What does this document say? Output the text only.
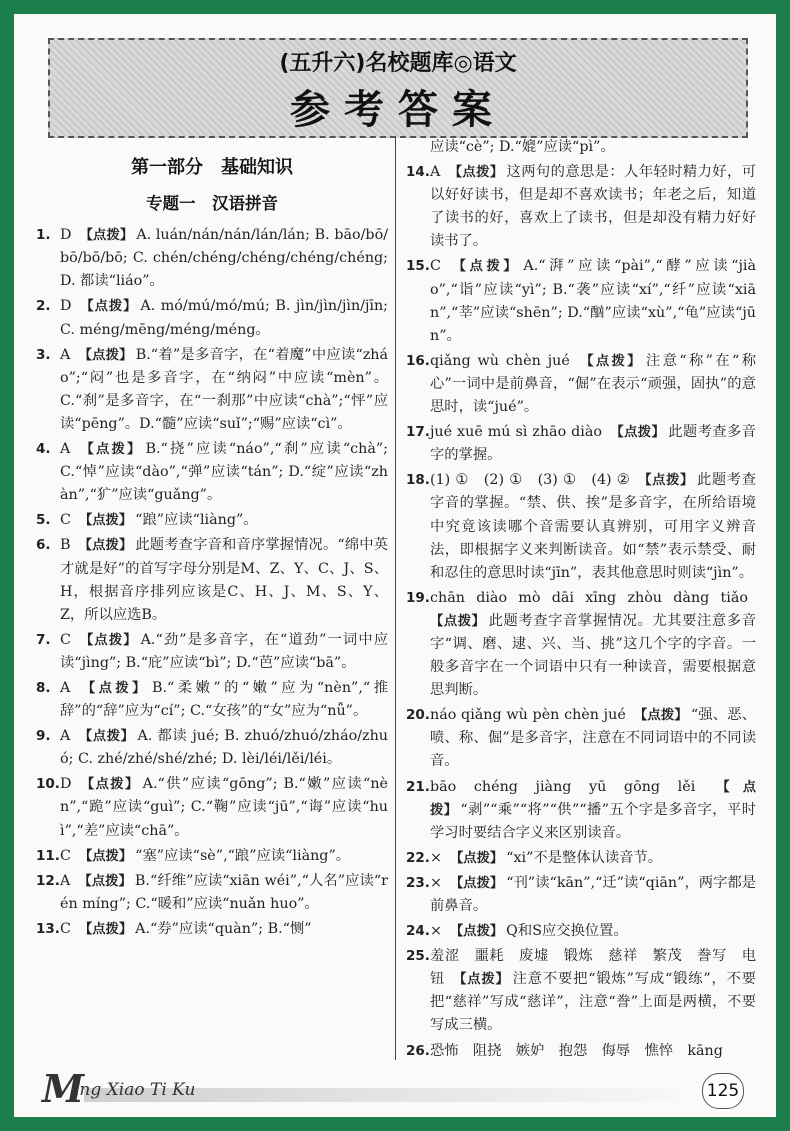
(五升六)名校题库◎语文
参考答案
第一部分　基础知识
专题一　汉语拼音
1. D 【点拨】 A. luán/nán/nán/lán/lán; B. bāo/bō/bō/bō/bō; C. chén/chéng/chéng/chéng/chéng; D. 都读“liáo”。
2. D 【点拨】 A. mó/mú/mó/mú; B. jìn/jìn/jìn/jīn; C. méng/mēng/méng/méng。
3. A 【点拨】 B.“着”是多音字，在“着魔”中应读“zháo”;“闷”也是多音字，在“纳闷”中应读“mèn”。C.“刹”是多音字，在“一刹那”中应读“chà”;“怦”应读“pēng”。D.“髓”应读“suǐ”;“赐”应读“cì”。
4. A 【点拨】 B.“挠”应读“náo”,“刹”应读“chà”; C.“悼”应读“dào”,“弹”应读“tán”; D.“绽”应读“zhàn”,“犷”应读“guǎng”。
5. C 【点拨】 “踉”应读“liàng”。
6. B 【点拨】 此题考查字音和音序掌握情况。“绵中英才就是好”的首写字母分别是M、Z、Y、C、J、S、H，根据音序排列应该是C、H、J、M、S、Y、Z，所以应选B。
7. C 【点拨】 A.“劲”是多音字，在“道劲”一词中应读“jìng”; B.“庇”应读“bì”; D.“芭”应读“bā”。
8. A 【点拨】 B.“柔嫩”的“嫩”应为“nèn”,“推辞”的“辞”应为“cí”; C.“女孩”的“女”应为“nǚ”。
9. A 【点拨】 A. 都读 jué; B. zhuó/zhuó/zháo/zhuó; C. zhé/zhé/shé/zhé; D. lèi/léi/lěi/léi。
10. D 【点拨】 A.“供”应读“gōng”; B.“嫩”应读“nèn”,“跪”应读“guì”; C.“鞠”应读“jū”,“诲”应读“huì”,“差”应读“chā”。
11. C 【点拨】 “塞”应读“sè”,“踉”应读“liàng”。
12. A 【点拨】 B.“纤维”应读“xiān wéi”,“人名”应读“rén míng”; C.“暖和”应读“nuǎn huo”。
13. C 【点拨】 A.“券”应读“quàn”; B.“恻”
应读“cè”; D.“媲”应读“pì”。
14. A 【点拨】 这两句的意思是：人年轻时精力好，可以好好读书，但是却不喜欢读书；年老之后，知道了读书的好，喜欢上了读书，但是却没有精力好好读书了。
15. C 【点拨】 A.“湃”应读“pài”,“酵”应读“jiào”,“诣”应读“yì”; B.“袭”应读“xí”,“纤”应读“xiān”,“莘”应读“shēn”; D.“酗”应读“xù”,“龟”应读“jūn”。
16. qiǎng wù chèn jué 【点拨】 注意“称”在“称心”一词中是前鼻音，“倔”在表示“顽强，固执”的意思时，读“jué”。
17. jué xuē mú sì zhāo diào 【点拨】 此题考查多音字的掌握。
18. (1) ①　(2) ①　(3) ①　(4) ② 【点拨】 此题考查字音的掌握。“禁、供、挨”是多音字，在所给语境中究竟该读哪个音需要认真辨别，可用字义辨音法，即根据字义来判断读音。如“禁”表示禁受、耐和忍住的意思时读“jīn”，表其他意思时则读“jìn”。
19. chān diào mò dāi xīng zhòu dàng tiǎo【点拨】 此题考查字音掌握情况。尤其要注意多音字“调、磨、逮、兴、当、挑”这几个字的字音。一般多音字在一个词语中只有一种读音，需要根据意思判断。
20. náo qiǎng wù pèn chèn jué 【点拨】 “强、恶、喷、称、倔”是多音字，注意在不同词语中的不同读音。
21. bāo chéng jiàng yū gōng lěi 【点拨】 “剥”“乘”“将”“供”“播”五个字是多音字，平时学习时要结合字义来区别读音。
22. × 【点拨】 “xi”不是整体认读音节。
23. × 【点拨】 “刊”读“kān”,“迁”读“qiān”，两字都是前鼻音。
24. × 【点拨】 Q和S应交换位置。
25. 羞涩　噩耗　废墟　锻炼　慈祥　繁茂　誊写　电钮 【点拨】 注意不要把“锻炼”写成“锻练”，不要把“慈祥”写成“慈详”，注意“誊”上面是两横，不要写成三横。
26. 恐怖　阻挠　嫉妒　抱怨　侮辱　憔悴　kāng
M
ing Xiao Ti Ku	125
